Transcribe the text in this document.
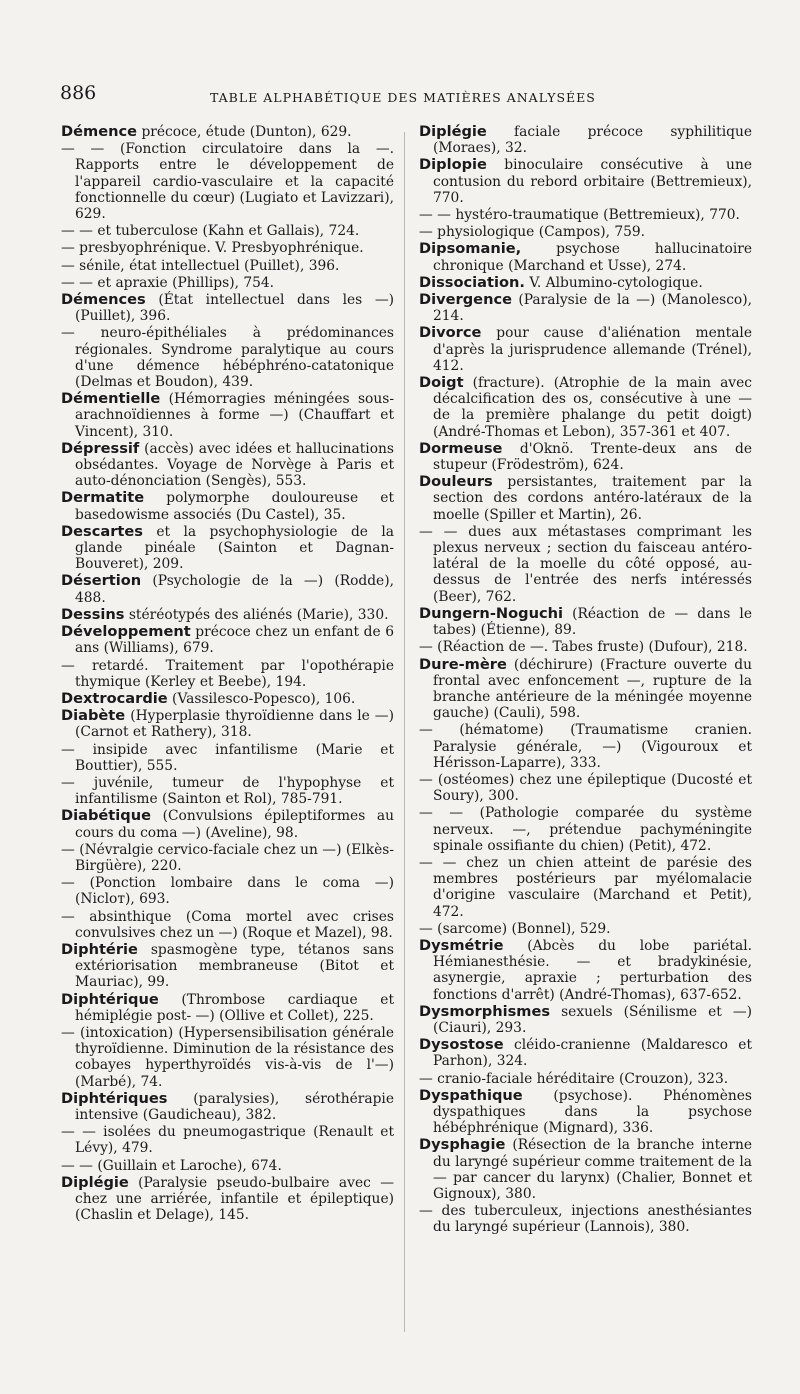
886	TABLE ALPHABÉTIQUE DES MATIÈRES ANALYSÉES
Démence précoce, étude (Dunton), 629.
— — (Fonction circulatoire dans la —. Rapports entre le développement de l'appareil cardio-vasculaire et la capacité fonctionnelle du cœur) (Lugiato et Lavizzari), 629.
— — et tuberculose (Kahn et Gallais), 724.
— presbyophrénique. V. Presbyophrénique.
— sénile, état intellectuel (Puillet), 396.
— — et apraxie (Phillips), 754.
Démences (État intellectuel dans les —) (Puillet), 396.
— neuro-épithéliales à prédominances régionales. Syndrome paralytique au cours d'une démence hébéphréno-catatonique (Delmas et Boudon), 439.
Démentielle (Hémorragies méningées sous-arachnoïdiennes à forme —) (Chauffart et Vincent), 310.
Dépressif (accès) avec idées et hallucinations obsédantes. Voyage de Norvège à Paris et auto-dénonciation (Sengès), 553.
Dermatite polymorphe douloureuse et basedowisme associés (Du Castel), 35.
Descartes et la psychophysiologie de la glande pinéale (Sainton et Dagnan-Bouveret), 209.
Désertion (Psychologie de la —) (Rodde), 488.
Dessins stéréotypés des aliénés (Marie), 330.
Développement précoce chez un enfant de 6 ans (Williams), 679.
— retardé. Traitement par l'opothérapie thymique (Kerley et Beebe), 194.
Dextrocardie (Vassilesco-Popesco), 106.
Diabète (Hyperplasie thyroïdienne dans le —) (Carnot et Rathery), 318.
— insipide avec infantilisme (Marie et Bouttier), 555.
— juvénile, tumeur de l'hypophyse et infantilisme (Sainton et Rol), 785-791.
Diabétique (Convulsions épileptiformes au cours du coma —) (Aveline), 98.
— (Névralgie cervico-faciale chez un —) (Elkès-Birgüère), 220.
— (Ponction lombaire dans le coma —) (Nicloт), 693.
— absinthique (Coma mortel avec crises convulsives chez un —) (Roque et Mazel), 98.
Diphtérie spasmogène type, tétanos sans extériorisation membraneuse (Bitot et Mauriac), 99.
Diphtérique (Thrombose cardiaque et hémiplégie post- —) (Ollive et Collet), 225.
— (intoxication) (Hypersensibilisation générale thyroïdienne. Diminution de la résistance des cobayes hyperthyroïdés vis-à-vis de l'—) (Marbé), 74.
Diphtériques (paralysies), sérothérapie intensive (Gaudicheau), 382.
— — isolées du pneumogastrique (Renault et Lévy), 479.
— — (Guillain et Laroche), 674.
Diplégie (Paralysie pseudo-bulbaire avec — chez une arriérée, infantile et épileptique) (Chaslin et Delage), 145.
Diplégie faciale précoce syphilitique (Moraes), 32.
Diplopie binoculaire consécutive à une contusion du rebord orbitaire (Bettremieux), 770.
— — hystéro-traumatique (Bettremieux), 770.
— physiologique (Campos), 759.
Dipsomanie, psychose hallucinatoire chronique (Marchand et Usse), 274.
Dissociation. V. Albumino-cytologique.
Divergence (Paralysie de la —) (Manolesco), 214.
Divorce pour cause d'aliénation mentale d'après la jurisprudence allemande (Trénel), 412.
Doigt (fracture). (Atrophie de la main avec décalcification des os, consécutive à une — de la première phalange du petit doigt) (André-Thomas et Lebon), 357-361 et 407.
Dormeuse d'Oknö. Trente-deux ans de stupeur (Frödeström), 624.
Douleurs persistantes, traitement par la section des cordons antéro-latéraux de la moelle (Spiller et Martin), 26.
— — dues aux métastases comprimant les plexus nerveux ; section du faisceau antéro-latéral de la moelle du côté opposé, au-dessus de l'entrée des nerfs intéressés (Beer), 762.
Dungern-Noguchi (Réaction de — dans le tabes) (Étienne), 89.
— (Réaction de —. Tabes fruste) (Dufour), 218.
Dure-mère (déchirure) (Fracture ouverte du frontal avec enfoncement —, rupture de la branche antérieure de la méningée moyenne gauche) (Cauli), 598.
— (hématome) (Traumatisme cranien. Paralysie générale, —) (Vigouroux et Hérisson-Laparre), 333.
— (ostéomes) chez une épileptique (Ducosté et Soury), 300.
— — (Pathologie comparée du système nerveux. —, prétendue pachyméningite spinale ossifiante du chien) (Petit), 472.
— — chez un chien atteint de parésie des membres postérieurs par myélomalacie d'origine vasculaire (Marchand et Petit), 472.
— (sarcome) (Bonnel), 529.
Dysmétrie (Abcès du lobe pariétal. Hémianesthésie. — et bradykinésie, asynergie, apraxie ; perturbation des fonctions d'arrêt) (André-Thomas), 637-652.
Dysmorphismes sexuels (Sénilisme et —) (Ciauri), 293.
Dysostose cléido-cranienne (Maldaresco et Parhon), 324.
— cranio-faciale héréditaire (Crouzon), 323.
Dyspathique (psychose). Phénomènes dyspathiques dans la psychose hébéphrénique (Mignard), 336.
Dysphagie (Résection de la branche interne du laryngé supérieur comme traitement de la — par cancer du larynx) (Chalier, Bonnet et Gignoux), 380.
— des tuberculeux, injections anesthésiantes du laryngé supérieur (Lannois), 380.
